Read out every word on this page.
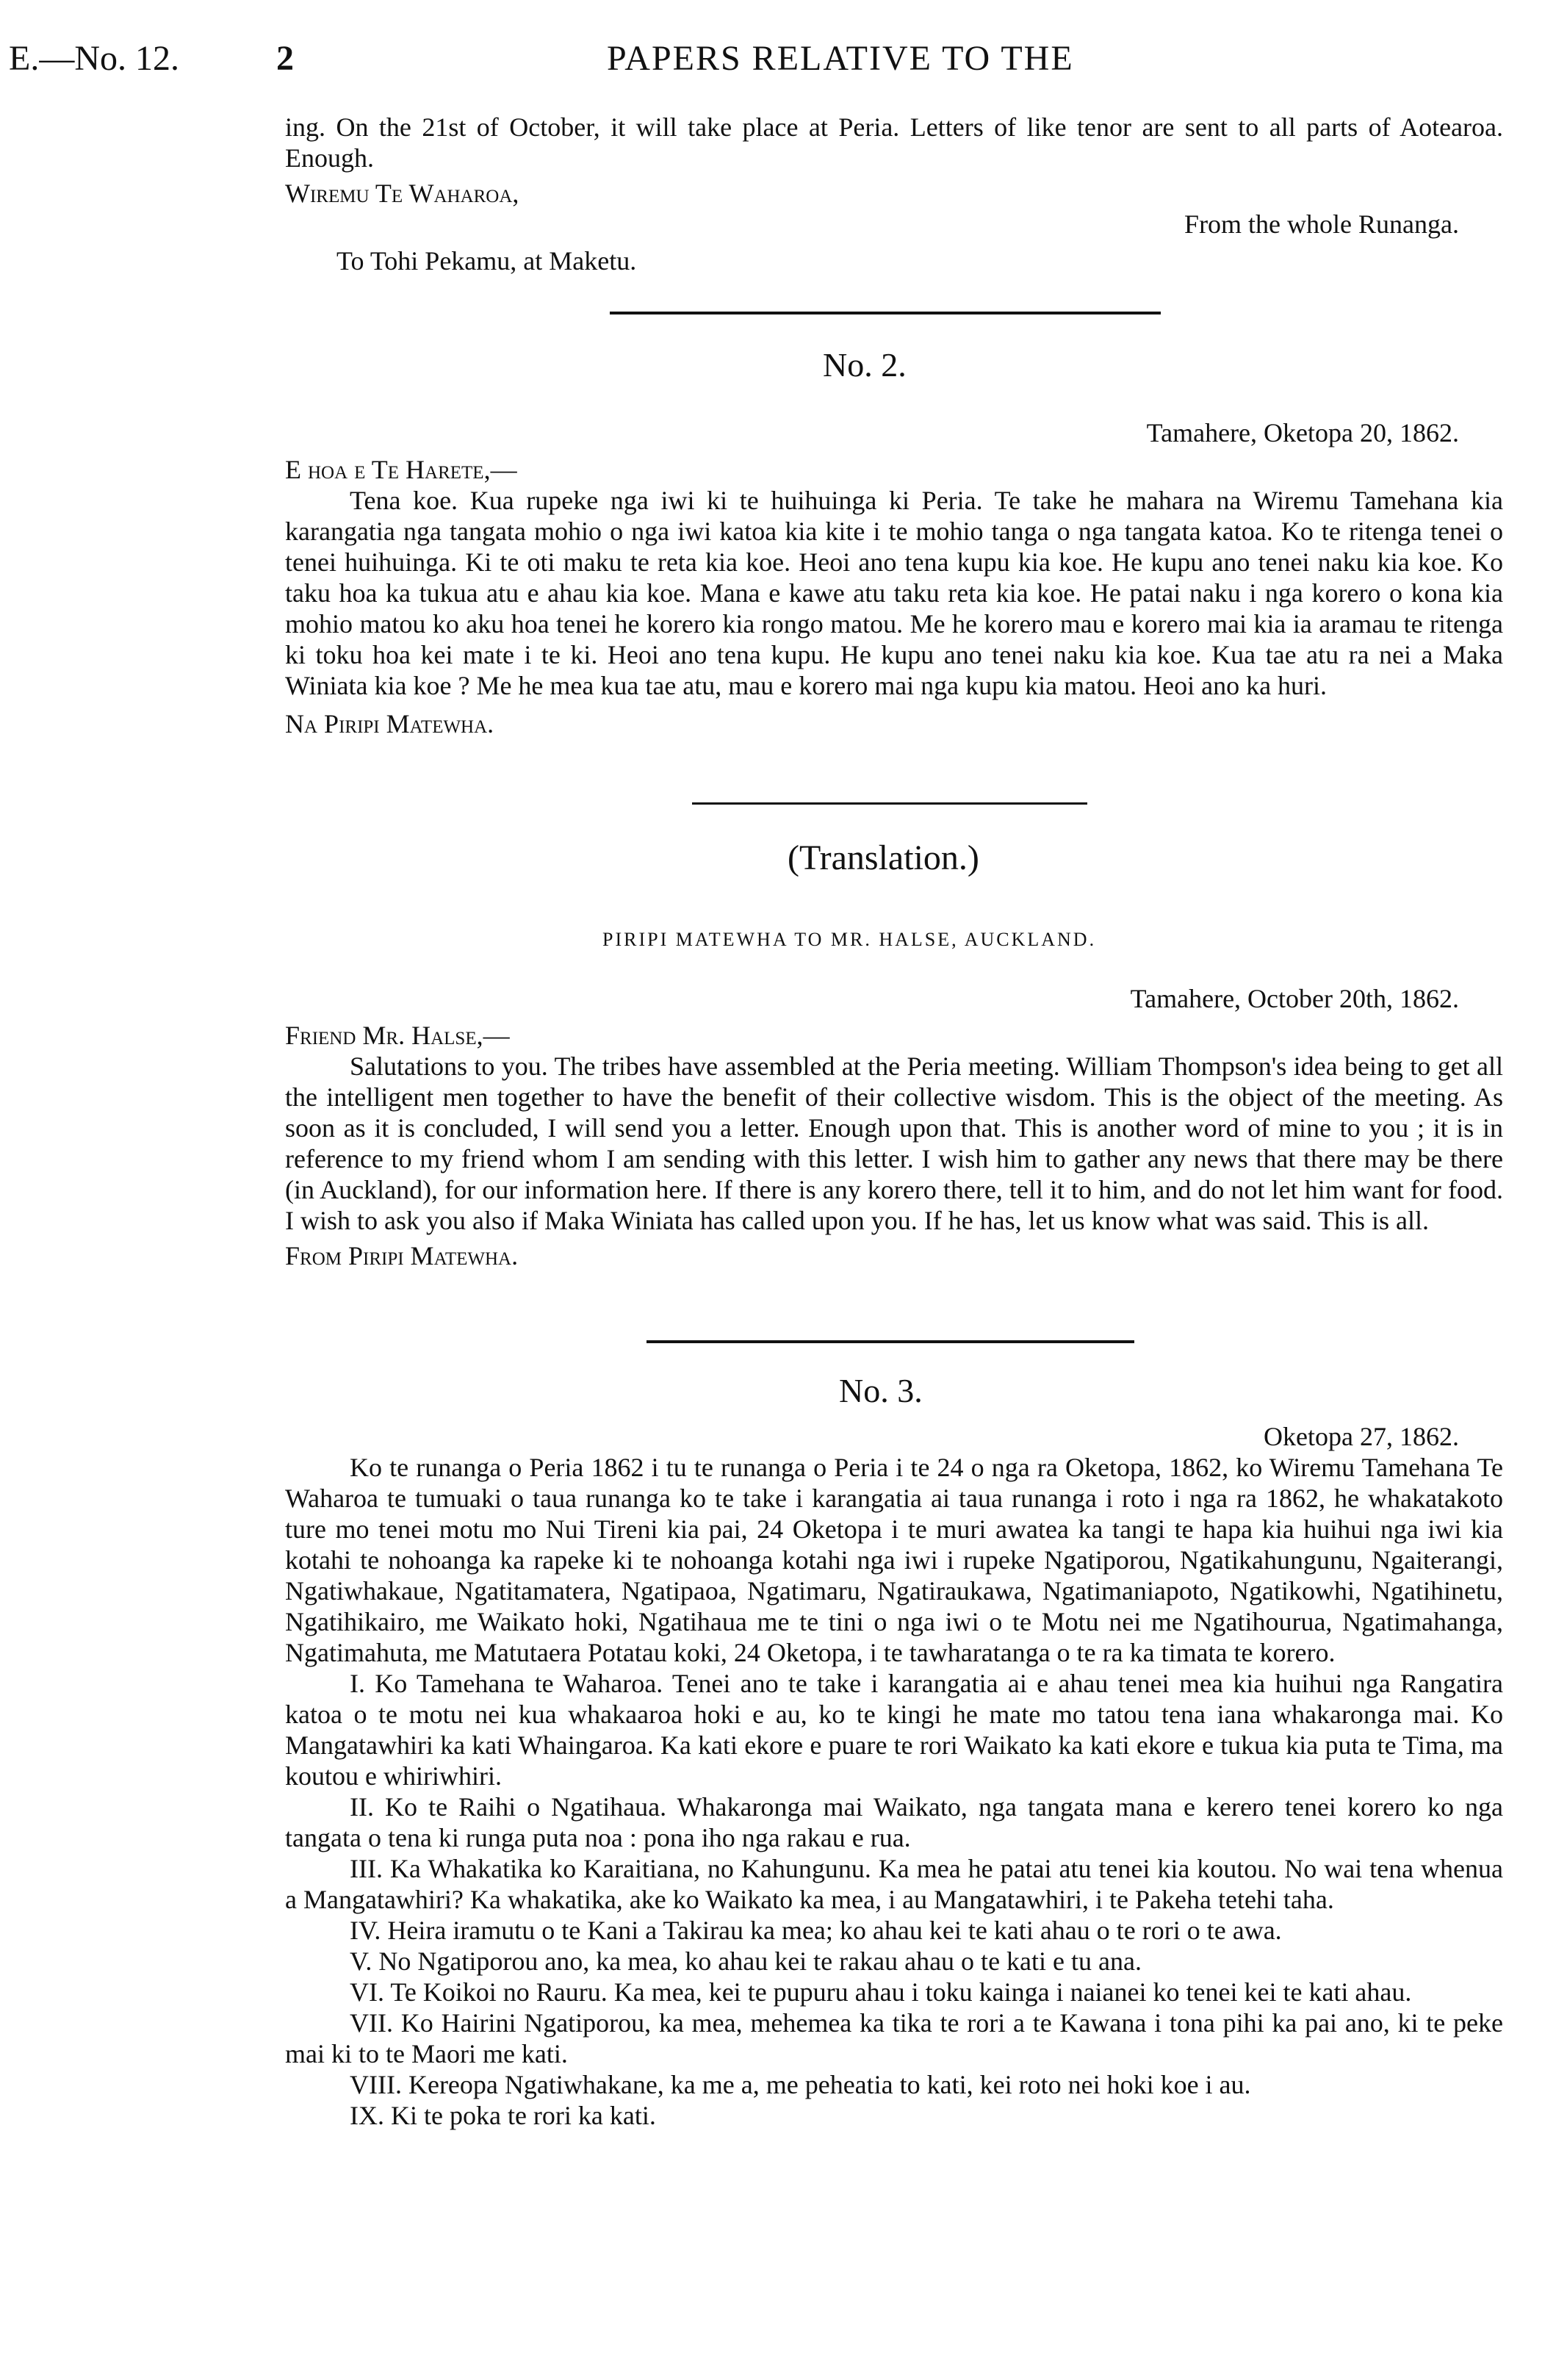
E.—No. 12.	2	PAPERS RELATIVE TO THE

ing. On the 21st of October, it will take place at Peria. Letters of like tenor are sent to all parts of Aotearoa. Enough.

Wiremu Te Waharoa,

From the whole Runanga.

To Tohi Pekamu, at Maketu.

No. 2.

Tamahere, Oketopa 20, 1862.

E hoa e Te Harete,—

Tena koe. Kua rupeke nga iwi ki te huihuinga ki Peria. Te take he mahara na Wiremu Tamehana kia karangatia nga tangata mohio o nga iwi katoa kia kite i te mohio tanga o nga tangata katoa. Ko te ritenga tenei o tenei huihuinga. Ki te oti maku te reta kia koe. Heoi ano tena kupu kia koe. He kupu ano tenei naku kia koe. Ko taku hoa ka tukua atu e ahau kia koe. Mana e kawe atu taku reta kia koe. He patai naku i nga korero o kona kia mohio matou ko aku hoa tenei he korero kia rongo matou. Me he korero mau e korero mai kia ia aramau te ritenga ki toku hoa kei mate i te ki. Heoi ano tena kupu. He kupu ano tenei naku kia koe. Kua tae atu ra nei a Maka Winiata kia koe ? Me he mea kua tae atu, mau e korero mai nga kupu kia matou. Heoi ano ka huri.

Na Piripi Matewha.

(Translation.)
PIRIPI MATEWHA TO MR. HALSE, AUCKLAND.

Tamahere, October 20th, 1862.

Friend Mr. Halse,—

Salutations to you. The tribes have assembled at the Peria meeting. William Thompson's idea being to get all the intelligent men together to have the benefit of their collective wisdom. This is the object of the meeting. As soon as it is concluded, I will send you a letter. Enough upon that. This is another word of mine to you ; it is in reference to my friend whom I am sending with this letter. I wish him to gather any news that there may be there (in Auckland), for our information here. If there is any korero there, tell it to him, and do not let him want for food. I wish to ask you also if Maka Winiata has called upon you. If he has, let us know what was said. This is all.

From Piripi Matewha.

No. 3.

Oketopa 27, 1862.

Ko te runanga o Peria 1862 i tu te runanga o Peria i te 24 o nga ra Oketopa, 1862, ko Wiremu Tamehana Te Waharoa te tumuaki o taua runanga ko te take i karangatia ai taua runanga i roto i nga ra 1862, he whakatakoto ture mo tenei motu mo Nui Tireni kia pai, 24 Oketopa i te muri awatea ka tangi te hapa kia huihui nga iwi kia kotahi te nohoanga ka rapeke ki te nohoanga kotahi nga iwi i rupeke Ngatiporou, Ngatikahungunu, Ngaiterangi, Ngatiwhakaue, Ngatitamatera, Ngatipaoa, Ngatimaru, Ngatiraukawa, Ngatimaniapoto, Ngatikowhi, Ngatihinetu, Ngatihikairo, me Waikato hoki, Ngatihaua me te tini o nga iwi o te Motu nei me Ngatihourua, Ngatimahanga, Ngatimahuta, me Matutaera Potatau koki, 24 Oketopa, i te tawharatanga o te ra ka timata te korero.

I. Ko Tamehana te Waharoa. Tenei ano te take i karangatia ai e ahau tenei mea kia huihui nga Rangatira katoa o te motu nei kua whakaaroa hoki e au, ko te kingi he mate mo tatou tena iana whakaronga mai. Ko Mangatawhiri ka kati Whaingaroa. Ka kati ekore e puare te rori Waikato ka kati ekore e tukua kia puta te Tima, ma koutou e whiriwhiri.

II. Ko te Raihi o Ngatihaua. Whakaronga mai Waikato, nga tangata mana e kerero tenei korero ko nga tangata o tena ki runga puta noa : pona iho nga rakau e rua.

III. Ka Whakatika ko Karaitiana, no Kahungunu. Ka mea he patai atu tenei kia koutou. No wai tena whenua a Mangatawhiri? Ka whakatika, ake ko Waikato ka mea, i au Mangatawhiri, i te Pakeha tetehi taha.

IV. Heira iramutu o te Kani a Takirau ka mea; ko ahau kei te kati ahau o te rori o te awa.

V. No Ngatiporou ano, ka mea, ko ahau kei te rakau ahau o te kati e tu ana.

VI. Te Koikoi no Rauru. Ka mea, kei te pupuru ahau i toku kainga i naianei ko tenei kei te kati ahau.

VII. Ko Hairini Ngatiporou, ka mea, mehemea ka tika te rori a te Kawana i tona pihi ka pai ano, ki te peke mai ki to te Maori me kati.

VIII. Kereopa Ngatiwhakane, ka me a, me peheatia to kati, kei roto nei hoki koe i au.

IX. Ki te poka te rori ka kati.
